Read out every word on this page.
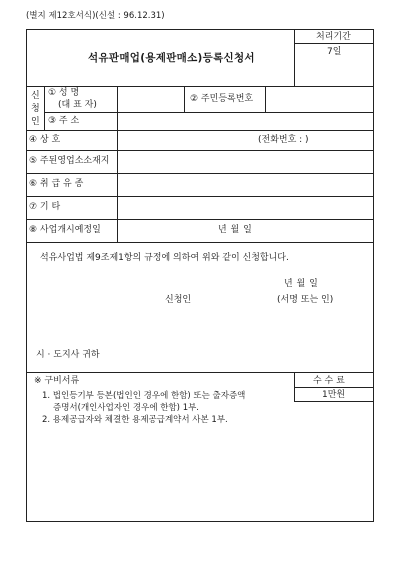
(별지 제12호서식)(신설 : 96.12.31)
석유판매업(용제판매소)등록신청서
처리기간
7일
신
청
인
① 성 명
(대 표 자)
② 주민등록번호
③ 주 소
④ 상 호	(전화번호 : )
⑤ 주된영업소소재지
⑥ 취 급 유 종
⑦ 기 타
⑧ 사업개시예정일	년 월 일
석유사업법 제9조제1항의 규정에 의하여 위와 같이 신청합니다.
년 월 일
신청인	(서명 또는 인)
시 · 도지사 귀하
※ 구비서류	수 수 료
1만원
1. 법인등기부 등본(법인인 경우에 한함) 또는 출자증액
증명서(개인사업자인 경우에 한함) 1부.
2. 용제공급자와 체결한 용제공급계약서 사본 1부.
